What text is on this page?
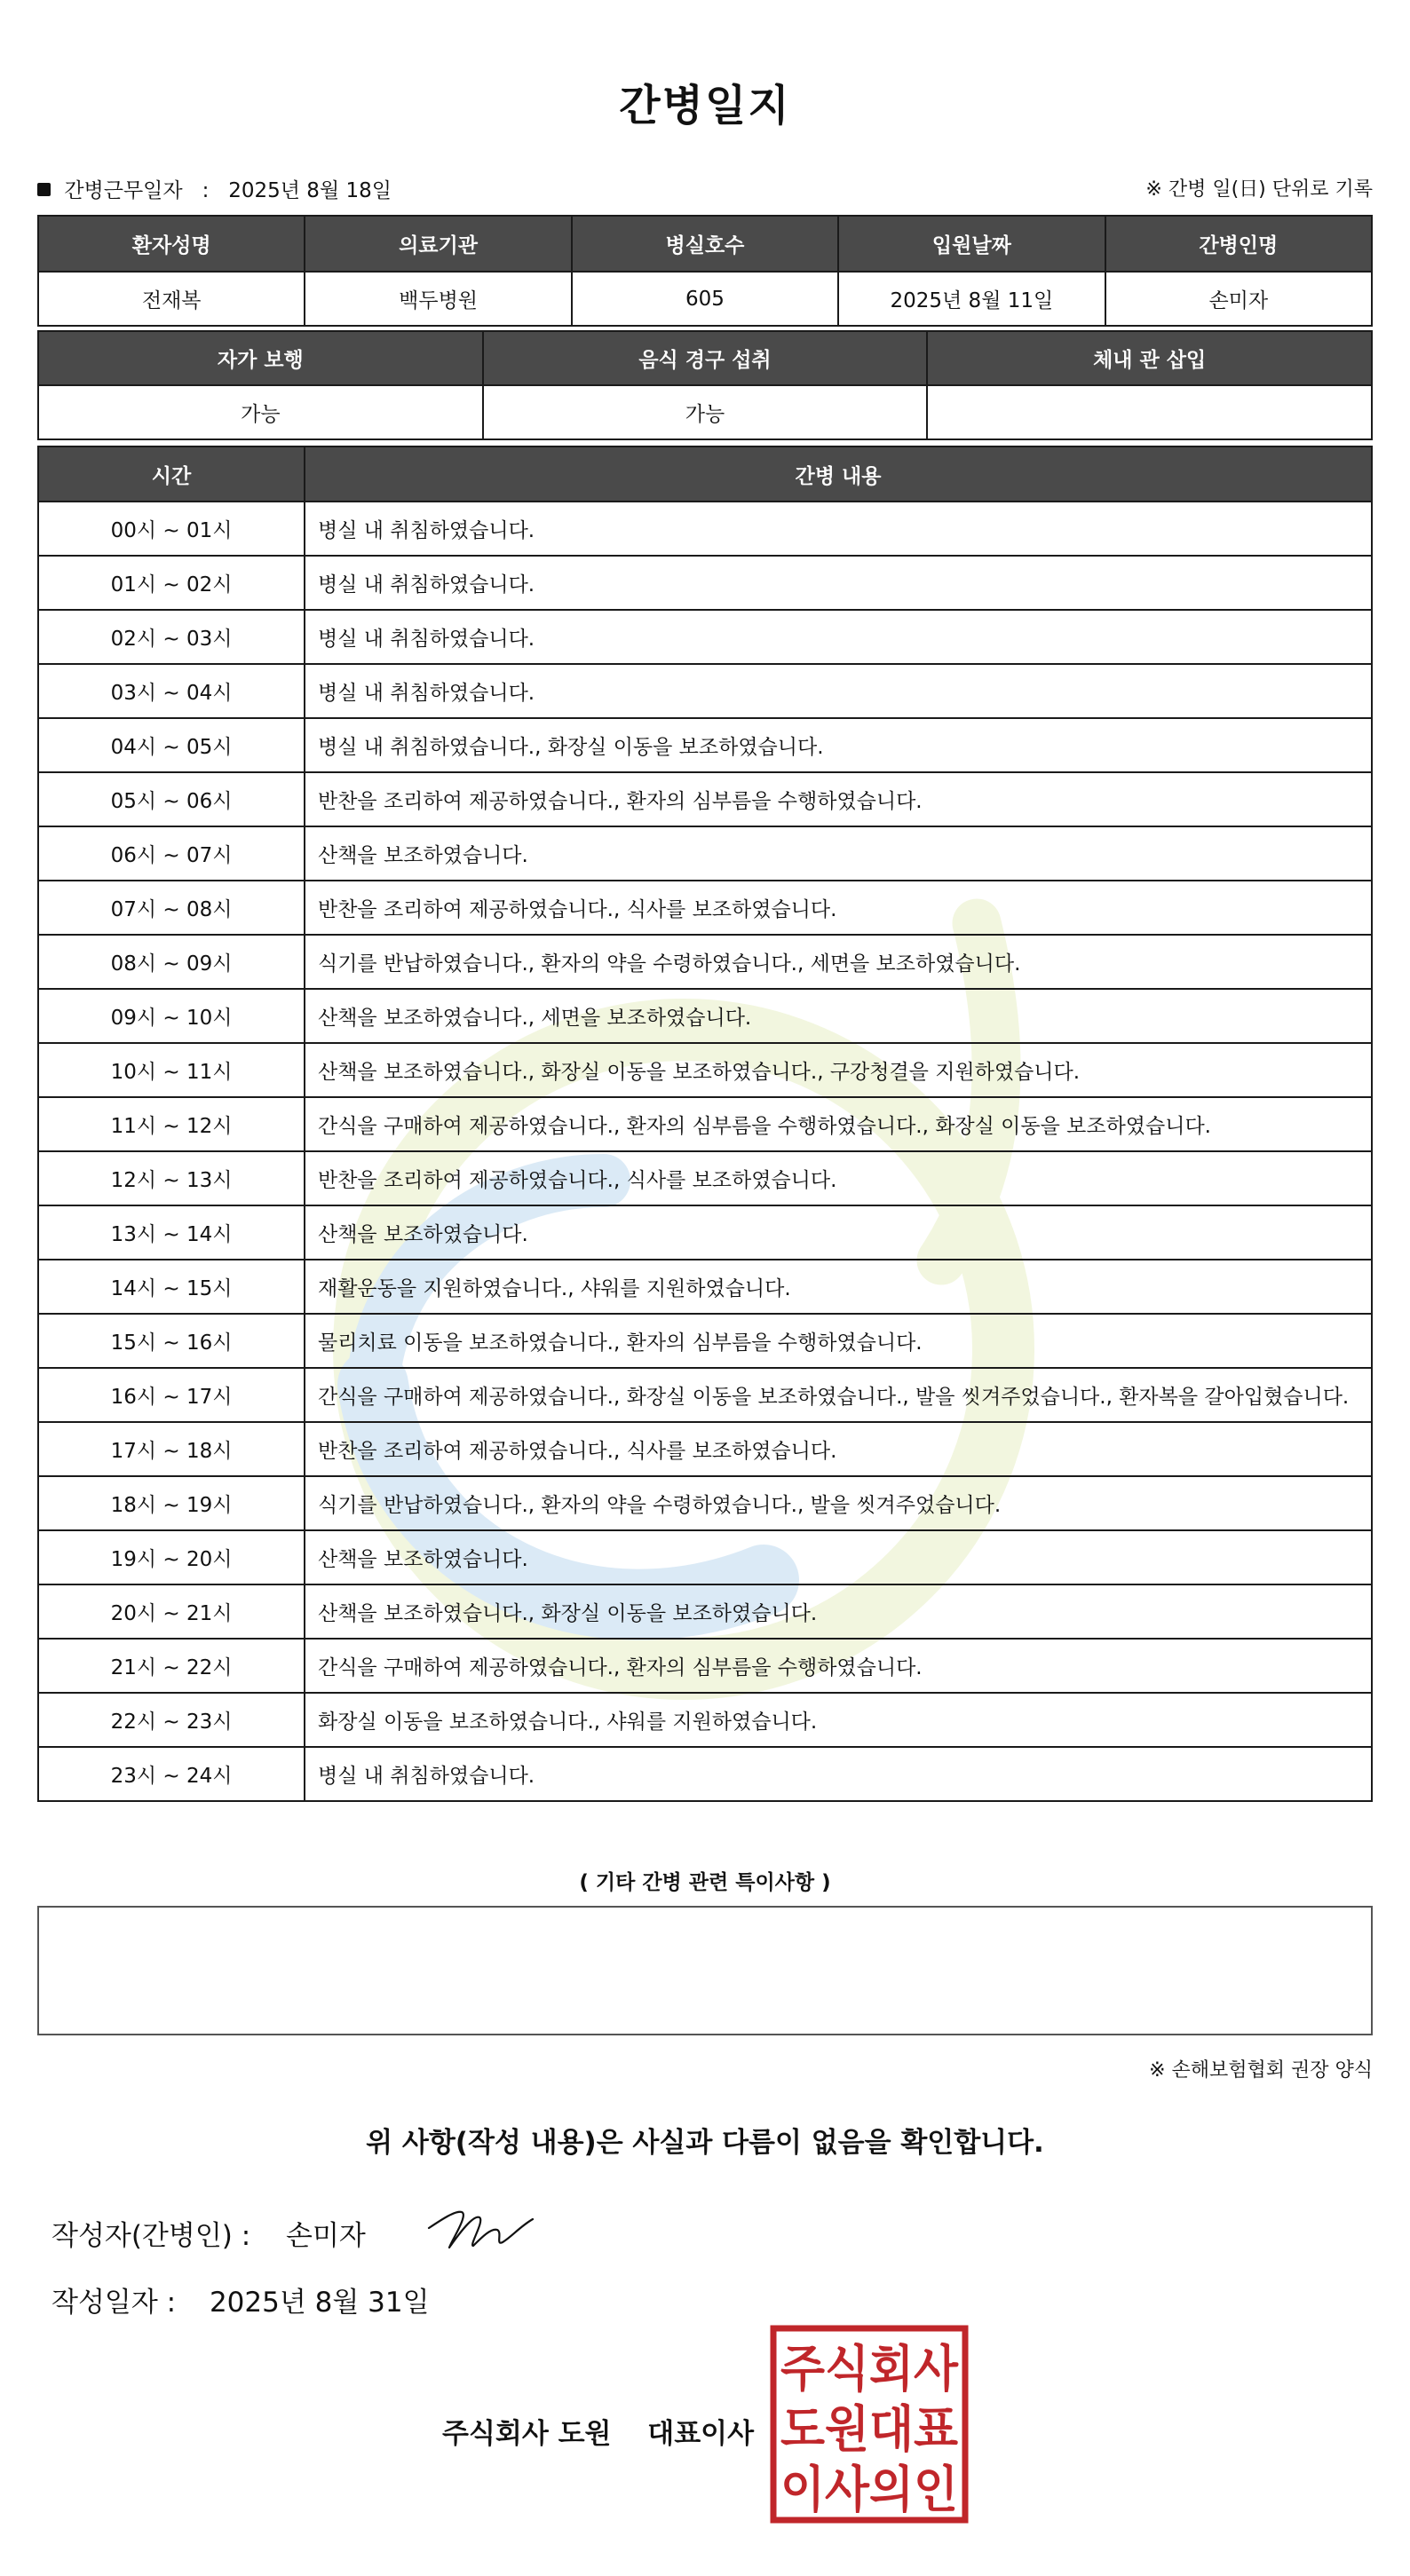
간병일지
간병근무일자 : 2025년 8월 18일	※ 간병 일(日) 단위로 기록
환자성명	의료기관	병실호수	입원날짜	간병인명
전재복	백두병원	605	2025년 8월 11일	손미자
자가 보행	음식 경구 섭취	체내 관 삽입
가능	가능	
시간	간병 내용
00시 ~ 01시	병실 내 취침하였습니다.
01시 ~ 02시	병실 내 취침하였습니다.
02시 ~ 03시	병실 내 취침하였습니다.
03시 ~ 04시	병실 내 취침하였습니다.
04시 ~ 05시	병실 내 취침하였습니다., 화장실 이동을 보조하였습니다.
05시 ~ 06시	반찬을 조리하여 제공하였습니다., 환자의 심부름을 수행하였습니다.
06시 ~ 07시	산책을 보조하였습니다.
07시 ~ 08시	반찬을 조리하여 제공하였습니다., 식사를 보조하였습니다.
08시 ~ 09시	식기를 반납하였습니다., 환자의 약을 수령하였습니다., 세면을 보조하였습니다.
09시 ~ 10시	산책을 보조하였습니다., 세면을 보조하였습니다.
10시 ~ 11시	산책을 보조하였습니다., 화장실 이동을 보조하였습니다., 구강청결을 지원하였습니다.
11시 ~ 12시	간식을 구매하여 제공하였습니다., 환자의 심부름을 수행하였습니다., 화장실 이동을 보조하였습니다.
12시 ~ 13시	반찬을 조리하여 제공하였습니다., 식사를 보조하였습니다.
13시 ~ 14시	산책을 보조하였습니다.
14시 ~ 15시	재활운동을 지원하였습니다., 샤워를 지원하였습니다.
15시 ~ 16시	물리치료 이동을 보조하였습니다., 환자의 심부름을 수행하였습니다.
16시 ~ 17시	간식을 구매하여 제공하였습니다., 화장실 이동을 보조하였습니다., 발을 씻겨주었습니다., 환자복을 갈아입혔습니다.
17시 ~ 18시	반찬을 조리하여 제공하였습니다., 식사를 보조하였습니다.
18시 ~ 19시	식기를 반납하였습니다., 환자의 약을 수령하였습니다., 발을 씻겨주었습니다.
19시 ~ 20시	산책을 보조하였습니다.
20시 ~ 21시	산책을 보조하였습니다., 화장실 이동을 보조하였습니다.
21시 ~ 22시	간식을 구매하여 제공하였습니다., 환자의 심부름을 수행하였습니다.
22시 ~ 23시	화장실 이동을 보조하였습니다., 샤워를 지원하였습니다.
23시 ~ 24시	병실 내 취침하였습니다.
( 기타 간병 관련 특이사항 )
※ 손해보험협회 권장 양식
위 사항(작성 내용)은 사실과 다름이 없음을 확인합니다.
작성자(간병인) : 손미자
작성일자 : 2025년 8월 31일
주식회사 도원 대표이사
주식회사
도원대표
이사의인
